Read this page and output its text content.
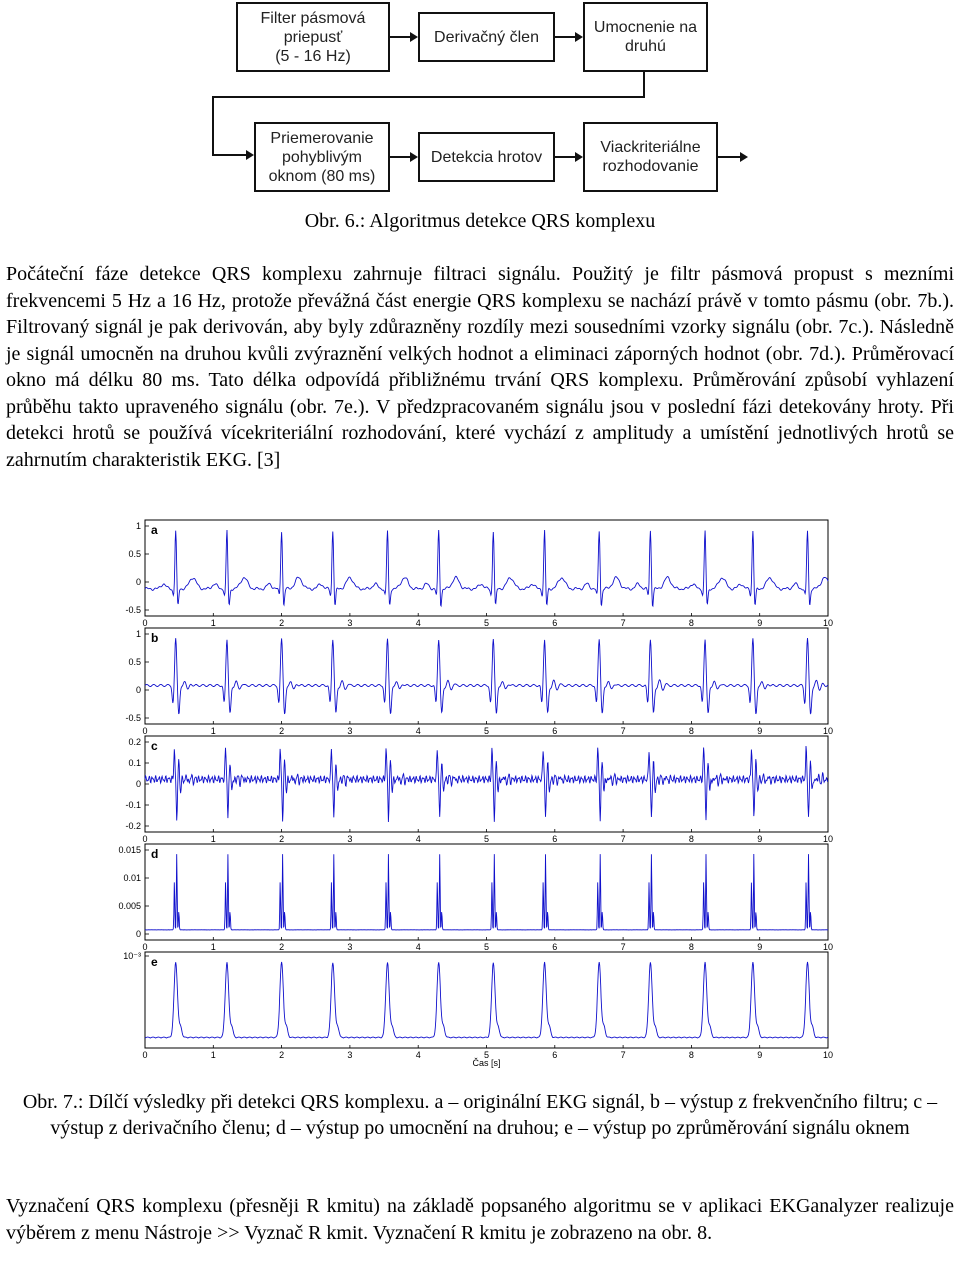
Filter pásmová
priepusť
(5 - 16 Hz)
Derivačný člen
Umocnenie na
druhú
Priemerovanie
pohyblivým
oknom (80 ms)
Detekcia hrotov
Viackriteriálne
rozhodovanie
Obr. 6.: Algoritmus detekce QRS komplexu
Počáteční fáze detekce QRS komplexu zahrnuje filtraci signálu. Použitý je filtr pásmová propust s mezními frekvencemi 5 Hz a 16 Hz, protože převážná část energie QRS komplexu se nachází právě v tomto pásmu (obr. 7b.). Filtrovaný signál je pak derivován, aby byly zdůrazněny rozdíly mezi sousedními vzorky signálu (obr. 7c.). Následně je signál umocněn na druhou kvůli zvýraznění velkých hodnot a eliminaci záporných hodnot (obr. 7d.). Průměrovací okno má délku 80 ms. Tato délka odpovídá přibližnému trvání QRS komplexu. Průměrování způsobí vyhlazení průběhu takto upraveného signálu (obr. 7e.). V předzpracovaném signálu jsou v poslední fázi detekovány hroty. Při detekci hrotů se používá vícekriteriální rozhodování, které vychází z amplitudy a umístění jednotlivých hrotů se zahrnutím charakteristik EKG. [3]
a
1
0.5
0
-0.5
0	1	2	3	4	5	6	7	8	9	10
b
1
0.5
0
-0.5
0	1	2	3	4	5	6	7	8	9	10
c
0.2
0.1
0
-0.1
-0.2
0	1	2	3	4	5	6	7	8	9	10
d
0.015
0.01
0.005
0
0	1	2	3	4	5	6	7	8	9	10
e
10⁻³
0	1	2	3	4	5	6	7	8	9	10
Čas [s]
Obr. 7.: Dílčí výsledky při detekci QRS komplexu. a – originální EKG signál, b – výstup z frekvenčního filtru; c – výstup z derivačního členu; d – výstup po umocnění na druhou; e – výstup po zprůměrování signálu oknem
Vyznačení QRS komplexu (přesněji R kmitu) na základě popsaného algoritmu se v aplikaci EKGanalyzer realizuje výběrem z menu Nástroje >> Vyznač R kmit. Vyznačení R kmitu je zobrazeno na obr. 8.
